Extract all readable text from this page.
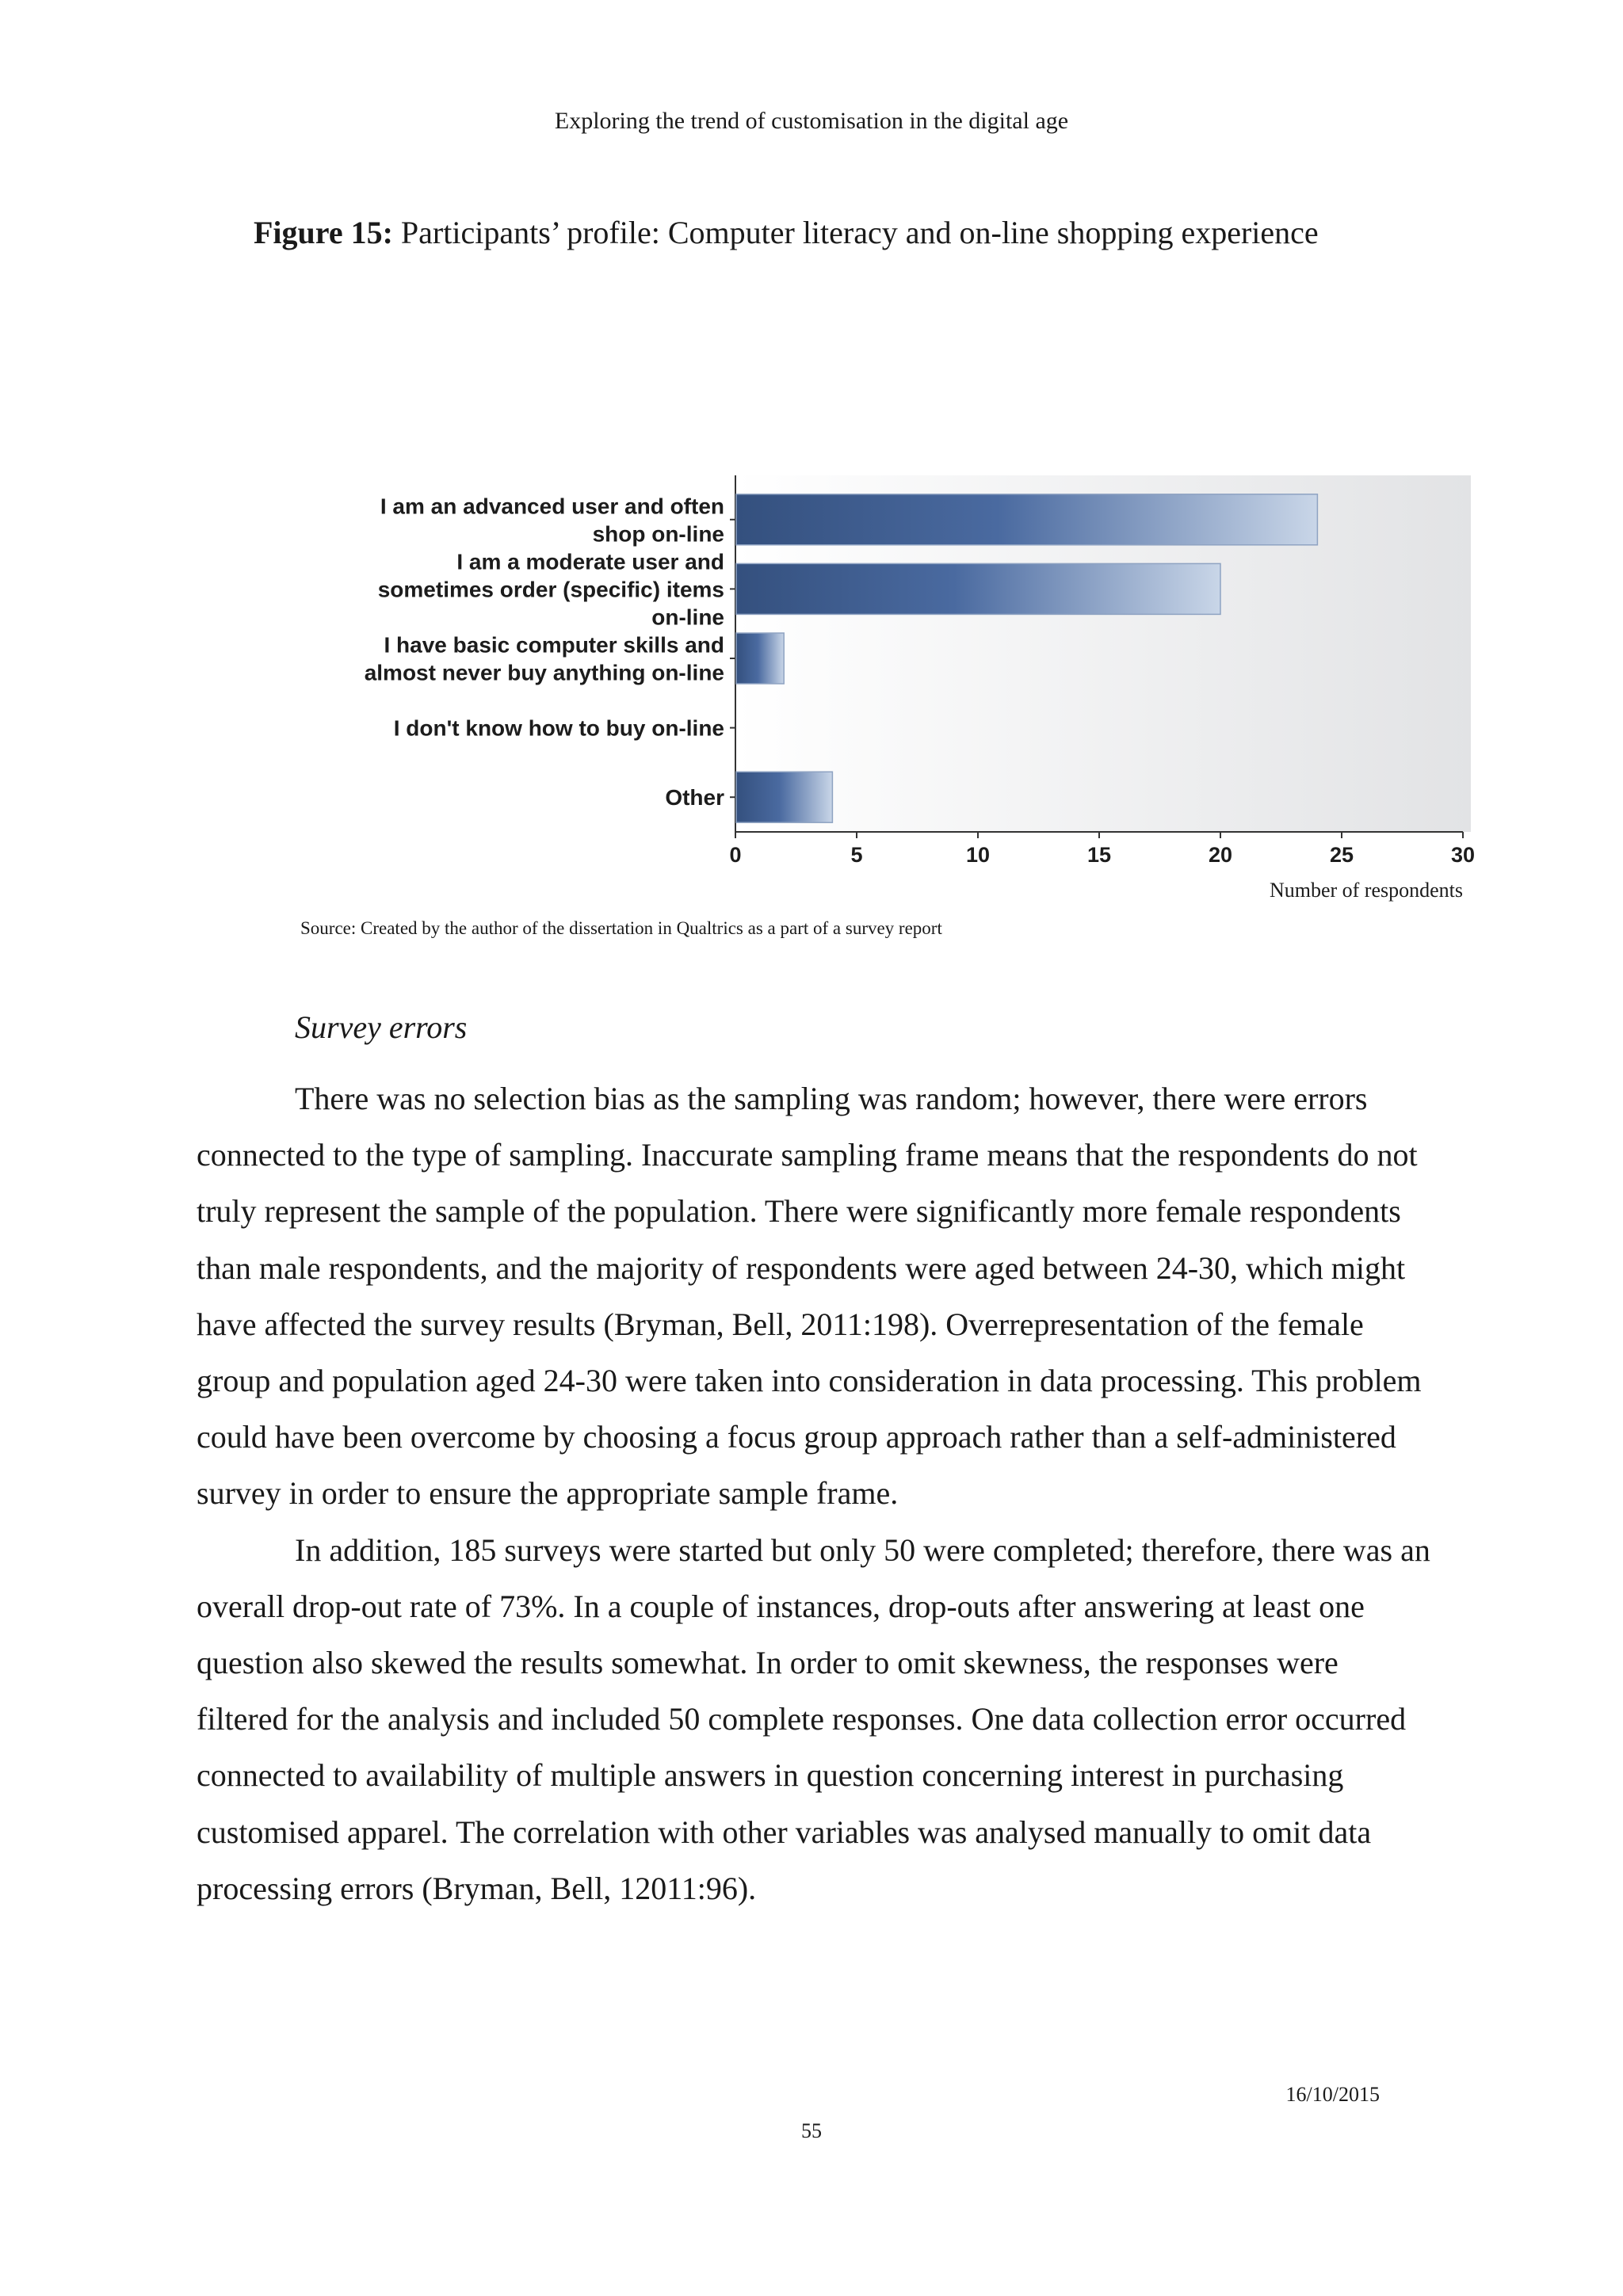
Exploring the trend of customisation in the digital age
Figure 15: Participants’ profile: Computer literacy and on-line shopping experience
I am an advanced user and often shop on-line
I am a moderate user and sometimes order (specific) items on-line
I have basic computer skills and almost never buy anything on-line
I don't know how to buy on-line
Other
0	5	10	15	20	25	30
Number of respondents
Source: Created by the author of the dissertation in Qualtrics as a part of a survey report
Survey errors

There was no selection bias as the sampling was random; however, there were errors connected to the type of sampling. Inaccurate sampling frame means that the respondents do not truly represent the sample of the population. There were significantly more female respondents than male respondents, and the majority of respondents were aged between 24-30, which might have affected the survey results (Bryman, Bell, 2011:198). Overrepresentation of the female group and population aged 24-30 were taken into consideration in data processing. This problem could have been overcome by choosing a focus group approach rather than a self-administered survey in order to ensure the appropriate sample frame.

In addition, 185 surveys were started but only 50 were completed; therefore, there was an overall drop-out rate of 73%. In a couple of instances, drop-outs after answering at least one question also skewed the results somewhat. In order to omit skewness, the responses were filtered for the analysis and included 50 complete responses. One data collection error occurred connected to availability of multiple answers in question concerning interest in purchasing customised apparel. The correlation with other variables was analysed manually to omit data processing errors (Bryman, Bell, 12011:96).

16/10/2015
55
